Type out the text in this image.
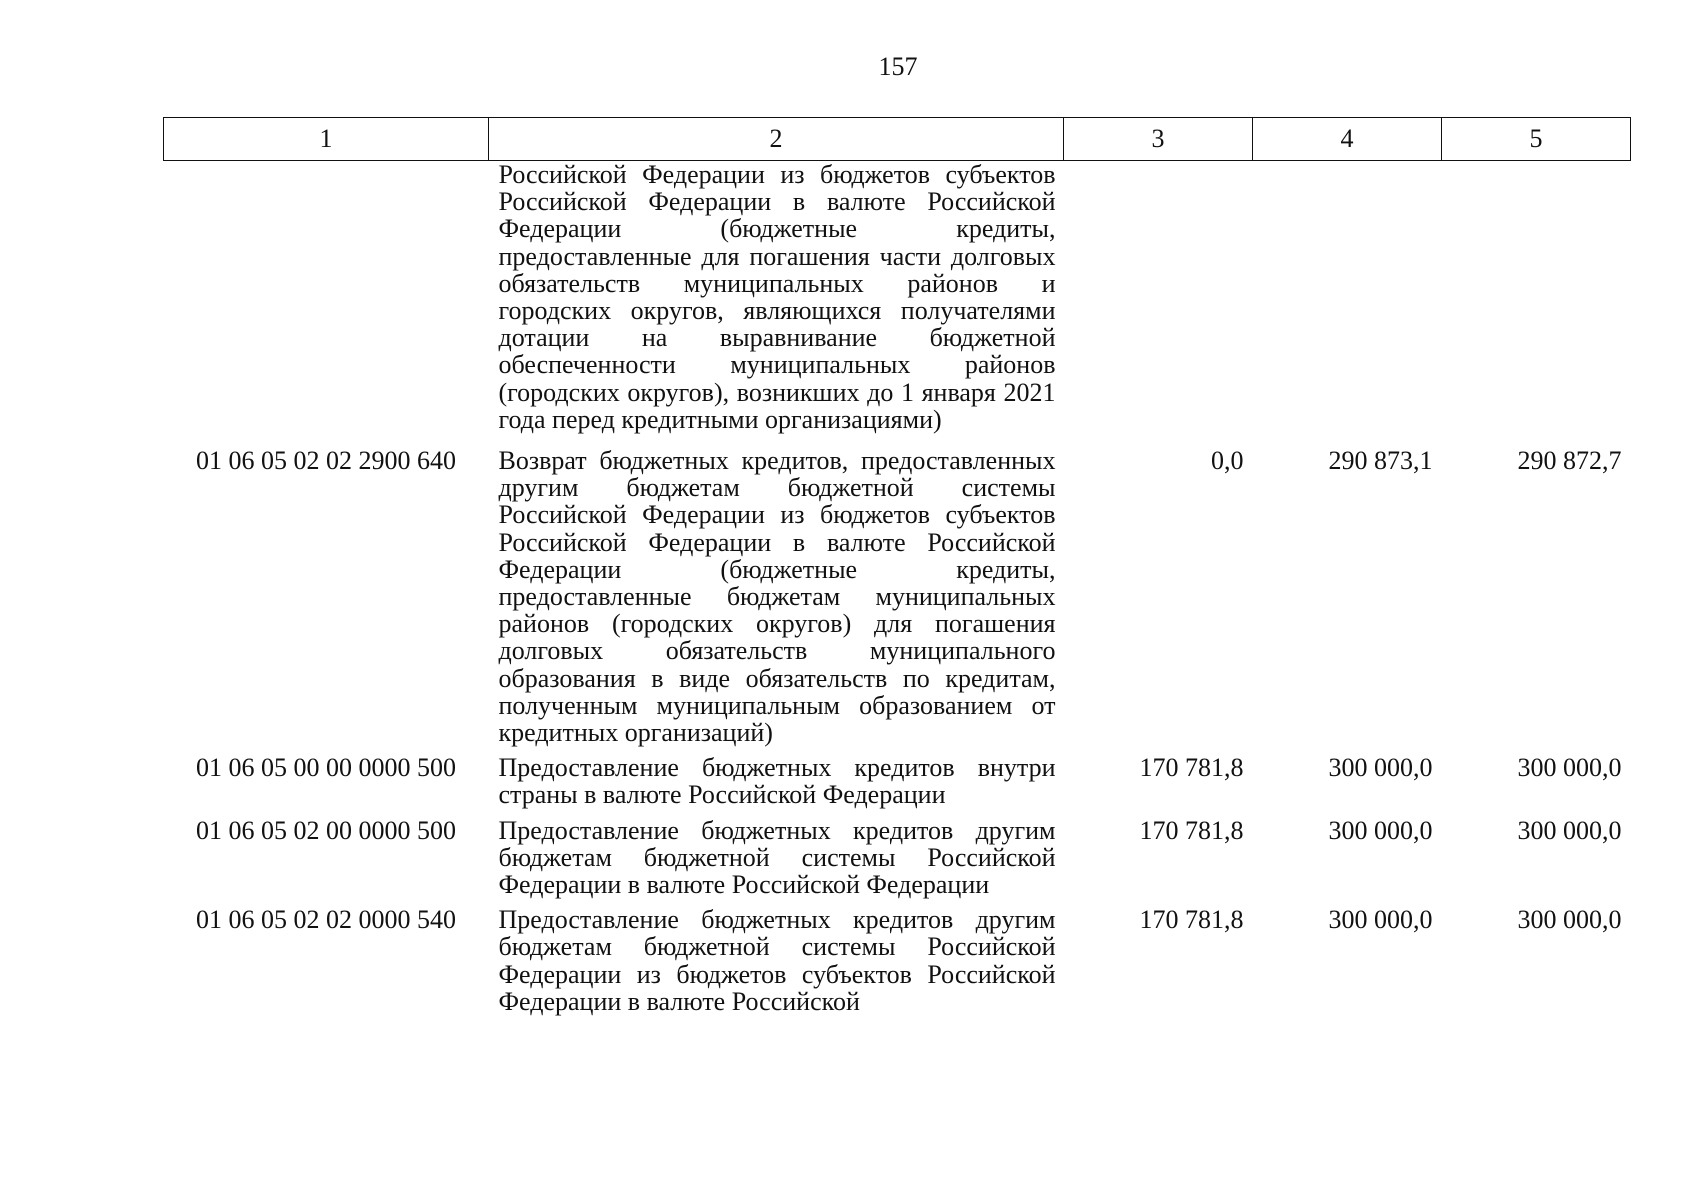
157
1	2	3	4	5
	Российской Федерации из бюджетов субъектов Российской Федерации в валюте Российской Федерации (бюджетные кредиты, предоставленные для погашения части долговых обязательств муниципальных районов и городских округов, являющихся получателями дотации на выравнивание бюджетной обеспеченности муниципальных районов (городских округов), возникших до 1 января 2021 года перед кредитными организациями)			
01 06 05 02 02 2900 640	Возврат бюджетных кредитов, предоставленных другим бюджетам бюджетной системы Российской Федерации из бюджетов субъектов Российской Федерации в валюте Российской Федерации (бюджетные кредиты, предоставленные бюджетам муниципальных районов (городских округов) для погашения долговых обязательств муниципального образования в виде обязательств по кредитам, полученным муниципальным образованием от кредитных организаций)	0,0	290 873,1	290 872,7
01 06 05 00 00 0000 500	Предоставление бюджетных кредитов внутри страны в валюте Российской Федерации	170 781,8	300 000,0	300 000,0
01 06 05 02 00 0000 500	Предоставление бюджетных кредитов другим бюджетам бюджетной системы Российской Федерации в валюте Российской Федерации	170 781,8	300 000,0	300 000,0
01 06 05 02 02 0000 540	Предоставление бюджетных кредитов другим бюджетам бюджетной системы Российской Федерации из бюджетов субъектов Российской Федерации в валюте Российской	170 781,8	300 000,0	300 000,0
